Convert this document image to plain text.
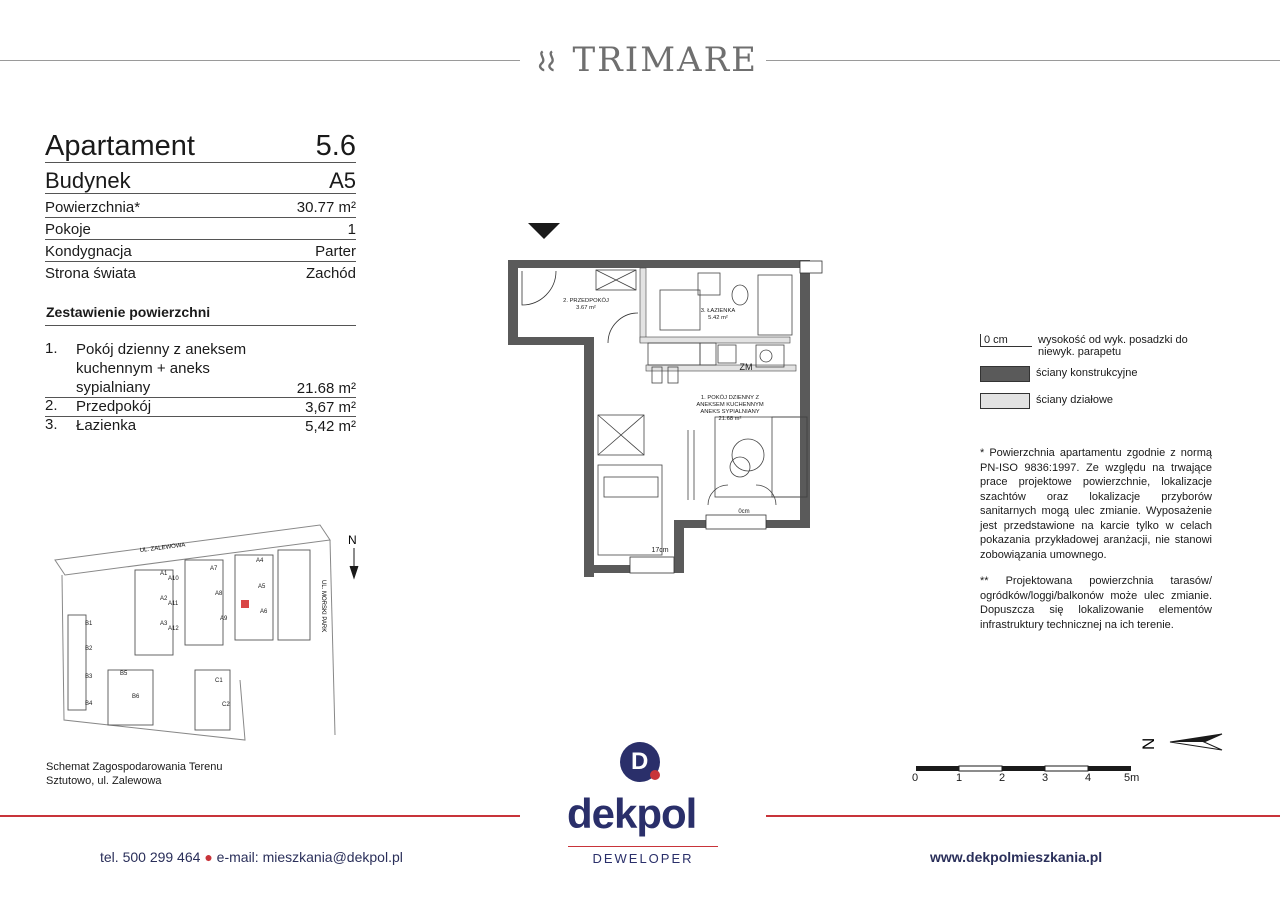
TRIMARE
Apartament	5.6
Budynek	A5
Powierzchnia*	30.77 m²
Pokoje	1
Kondygnacja	Parter
Strona świata	Zachód
Zestawienie powierzchni
1. Pokój dzienny z aneksem kuchennym + aneks sypialniany	21.68 m²
2. Przedpokój	3,67 m²
3. Łazienka	5,42 m²
2. PRZEDPOKÓJ
3.67 m²	3. ŁAZIENKA
5.42 m²
1. POKÓJ DZIENNY Z
ANEKSEM KUCHENNYM
ANEKS SYPIALNIANY
21.68 m²
ZM
0cm
17cm
0 cm	wysokość od wyk. posadzki do niewyk. parapetu
ściany konstrukcyjne
ściany działowe

* Powierzchnia apartamentu zgodnie z normą PN-ISO 9836:1997. Ze względu na trwające prace projektowe powierzchnie, lokalizacje szachtów oraz lokalizacje przyborów sanitarnych mogą ulec zmianie. Wyposażenie jest przedstawione na karcie tylko w celach pokazania przykładowej aranżacji, nie stanowi zobowiązania umownego.

** Projektowana powierzchnia tarasów/ ogródków/loggi/balkonów może ulec zmianie. Dopuszcza się lokalizowanie elementów infrastruktury technicznej na ich terenie.

UL. ZALEWOWA
UL. MORSKI PARK
N
A1
A2
A3
A4
A5
A6
A7
A8
A9
A10
A11
A12
B1
B2
B3
B4
B5
B6
C1
C2
Schemat Zagospodarowania Terenu
Sztutowo, ul. Zalewowa
N
0	1	2	3	4	5m
D
dekpol
DEWELOPER
tel. 500 299 464 ● e-mail: mieszkania@dekpol.pl	www.dekpolmieszkania.pl
